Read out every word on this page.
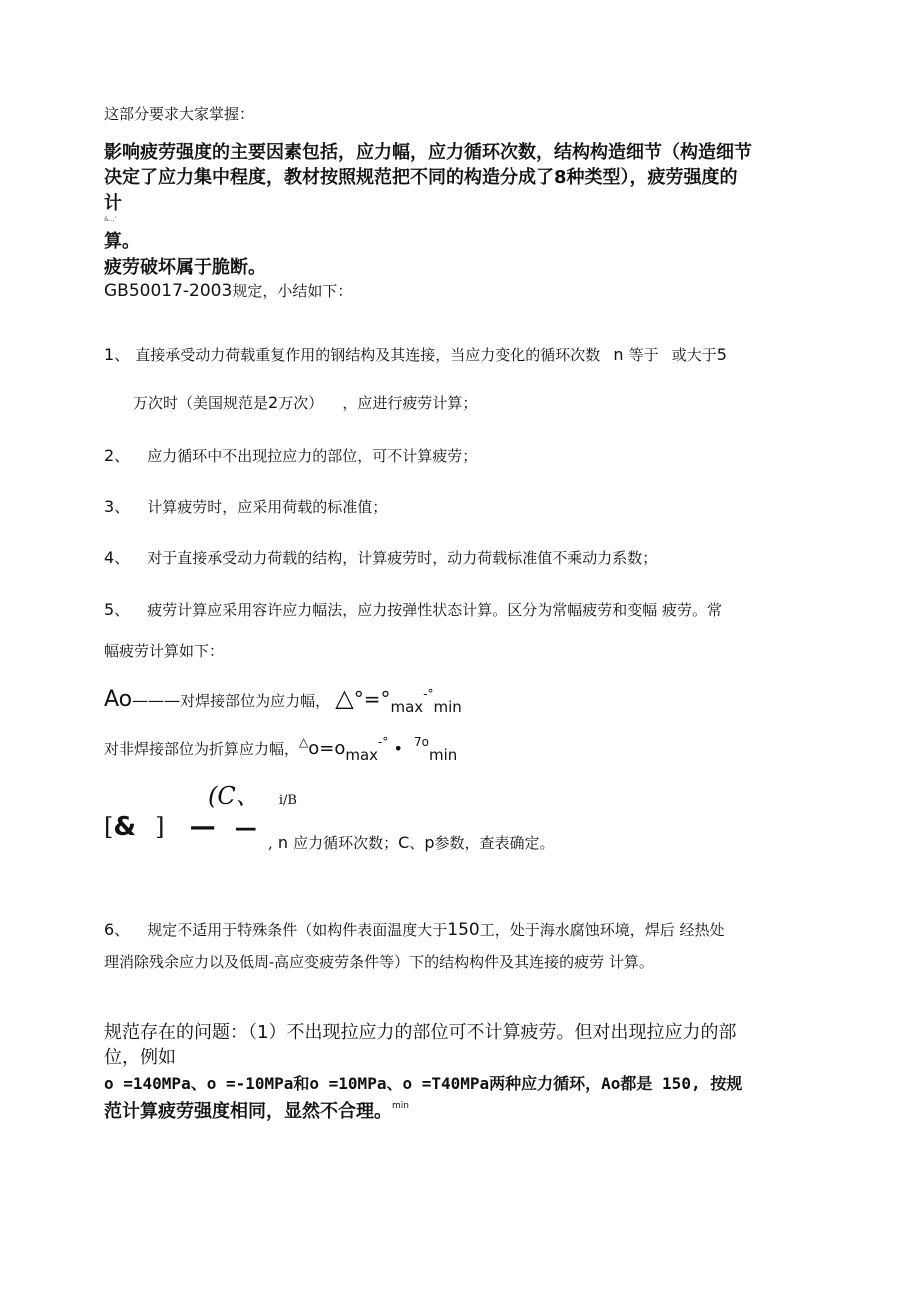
这部分要求大家掌握：
影响疲劳强度的主要因素包括，应力幅，应力循环次数，结构构造细节（构造细节
决定了应力集中程度，教材按照规范把不同的构造分成了8种类型），疲劳强度的
计
&..,'
算。
疲劳破坏属于脆断。
GB50017-2003规定，小结如下：
1、 直接承受动力荷载重复作用的钢结构及其连接，当应力变化的循环次数 n 等于 或大于5
万次时（美国规范是2万次） ，应进行疲劳计算；
2、 应力循环中不出现拉应力的部位，可不计算疲劳；
3、 计算疲劳时，应采用荷载的标准值；
4、 对于直接承受动力荷载的结构，计算疲劳时，动力荷载标准值不乘动力系数；
5、 疲劳计算应采用容许应力幅法，应力按弹性状态计算。区分为常幅疲劳和变幅 疲劳。常
幅疲劳计算如下：
Ao———对焊接部位为应力幅， △°=°max-°min
对非焊接部位为折算应力幅，△o=omax-° • $^{7o}$min
(C、 i/B
[& ] — —
, n 应力循环次数；C、p参数，查表确定。
6、 规定不适用于特殊条件（如构件表面温度大于150工，处于海水腐蚀环境，焊后 经热处
理消除残余应力以及低周-高应变疲劳条件等）下的结构构件及其连接的疲劳 计算。
规范存在的问题：（1）不出现拉应力的部位可不计算疲劳。但对出现拉应力的部
位，例如
o =140MPa、o =-10MPa和o =10MPa、o =T40MPa两种应力循环，Ao都是 150, 按规
范计算疲劳强度相同，显然不合理。$^{min}$
